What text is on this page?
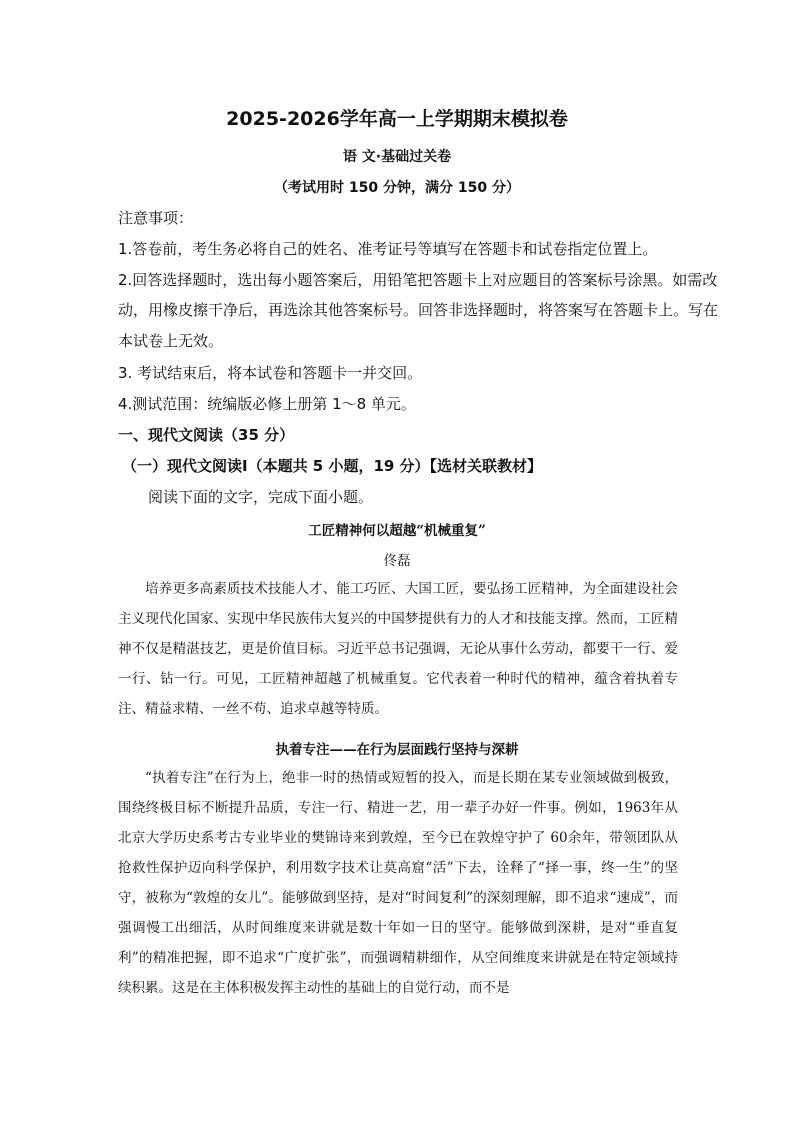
2025-2026学年高一上学期期末模拟卷
语 文·基础过关卷
（考试用时 150 分钟，满分 150 分）
注意事项：
1.答卷前，考生务必将自己的姓名、准考证号等填写在答题卡和试卷指定位置上。
2.回答选择题时，选出每小题答案后，用铅笔把答题卡上对应题目的答案标号涂黑。如需改
动，用橡皮擦干净后，再选涂其他答案标号。回答非选择题时，将答案写在答题卡上。写在
本试卷上无效。
3. 考试结束后，将本试卷和答题卡一并交回。
4.测试范围：统编版必修上册第 1～8 单元。
一、现代文阅读（35 分）
（一）现代文阅读Ⅰ（本题共 5 小题，19 分）【选材关联教材】
阅读下面的文字，完成下面小题。
工匠精神何以超越“机械重复”
佟磊

培养更多高素质技术技能人才、能工巧匠、大国工匠，要弘扬工匠精神，为全面建设社会主义现代化国家、实现中华民族伟大复兴的中国梦提供有力的人才和技能支撑。然而，工匠精神不仅是精湛技艺，更是价值目标。习近平总书记强调，无论从事什么劳动，都要干一行、爱一行、钻一行。可见，工匠精神超越了机械重复。它代表着一种时代的精神，蕴含着执着专注、精益求精、一丝不苟、追求卓越等特质。

执着专注——在行为层面践行坚持与深耕

“执着专注”在行为上，绝非一时的热情或短暂的投入，而是长期在某专业领域做到极致，围绕终极目标不断提升品质，专注一行、精进一艺，用一辈子办好一件事。例如，1963年从北京大学历史系考古专业毕业的樊锦诗来到敦煌，至今已在敦煌守护了 60余年，带领团队从抢救性保护迈向科学保护，利用数字技术让莫高窟“活”下去，诠释了“择一事，终一生”的坚守，被称为“敦煌的女儿”。能够做到坚持，是对“时间复利”的深刻理解，即不追求“速成”，而强调慢工出细活，从时间维度来讲就是数十年如一日的坚守。能够做到深耕，是对“垂直复利”的精准把握，即不追求“广度扩张”，而强调精耕细作，从空间维度来讲就是在特定领域持续积累。这是在主体积极发挥主动性的基础上的自觉行动，而不是
